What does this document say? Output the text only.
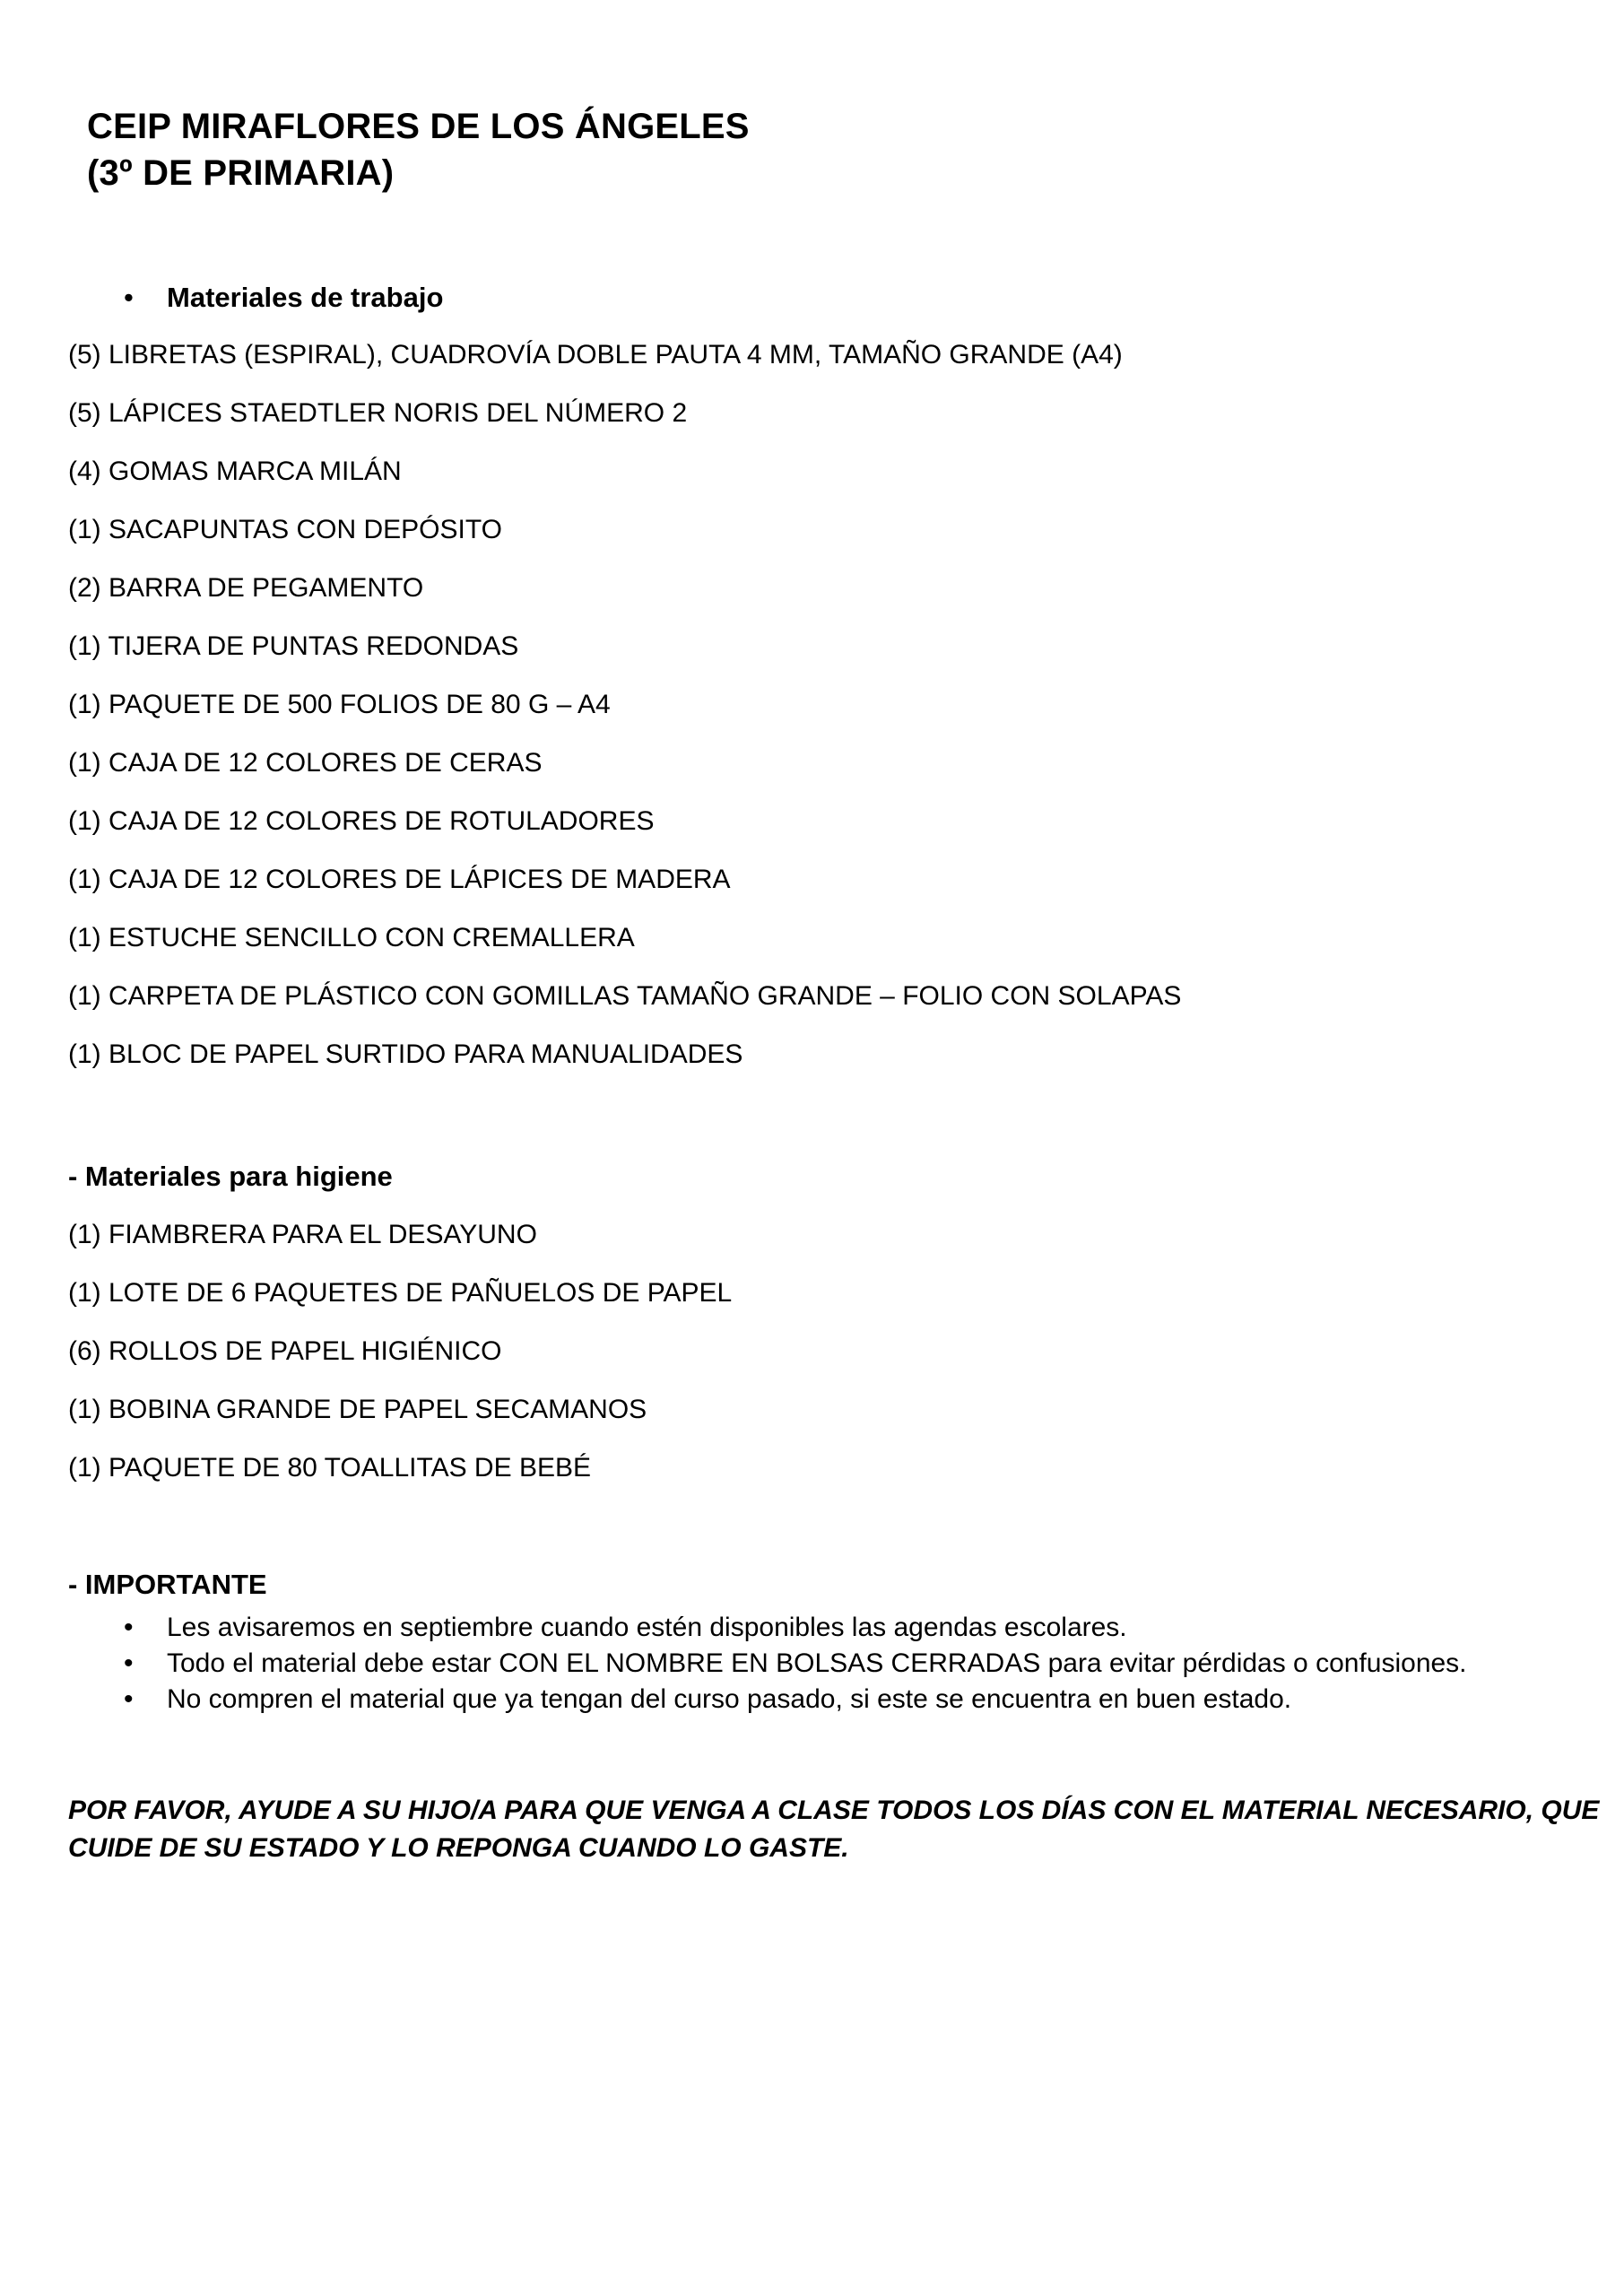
CEIP MIRAFLORES DE LOS ÁNGELES
(3º DE PRIMARIA)
•	Materiales de trabajo
(5) LIBRETAS (ESPIRAL), CUADROVÍA DOBLE PAUTA 4 MM, TAMAÑO GRANDE (A4)
(5) LÁPICES STAEDTLER NORIS DEL NÚMERO 2
(4) GOMAS MARCA MILÁN
(1) SACAPUNTAS CON DEPÓSITO
(2) BARRA DE PEGAMENTO
(1) TIJERA DE PUNTAS REDONDAS
(1) PAQUETE DE 500 FOLIOS DE 80 G – A4
(1) CAJA DE 12 COLORES DE CERAS
(1) CAJA DE 12 COLORES DE ROTULADORES
(1) CAJA DE 12 COLORES DE LÁPICES DE MADERA
(1) ESTUCHE SENCILLO CON CREMALLERA
(1) CARPETA DE PLÁSTICO CON GOMILLAS TAMAÑO GRANDE – FOLIO CON SOLAPAS
(1) BLOC DE PAPEL SURTIDO PARA MANUALIDADES
- Materiales para higiene
(1) FIAMBRERA PARA EL DESAYUNO
(1) LOTE DE 6 PAQUETES DE PAÑUELOS DE PAPEL
(6) ROLLOS DE PAPEL HIGIÉNICO
(1) BOBINA GRANDE DE PAPEL SECAMANOS
(1) PAQUETE DE 80 TOALLITAS DE BEBÉ
- IMPORTANTE
• Les avisaremos en septiembre cuando estén disponibles las agendas escolares.
• Todo el material debe estar CON EL NOMBRE EN BOLSAS CERRADAS para evitar pérdidas o confusiones.
• No compren el material que ya tengan del curso pasado, si este se encuentra en buen estado.
POR FAVOR, AYUDE A SU HIJO/A PARA QUE VENGA A CLASE TODOS LOS DÍAS CON EL MATERIAL NECESARIO, QUE
CUIDE DE SU ESTADO Y LO REPONGA CUANDO LO GASTE.
